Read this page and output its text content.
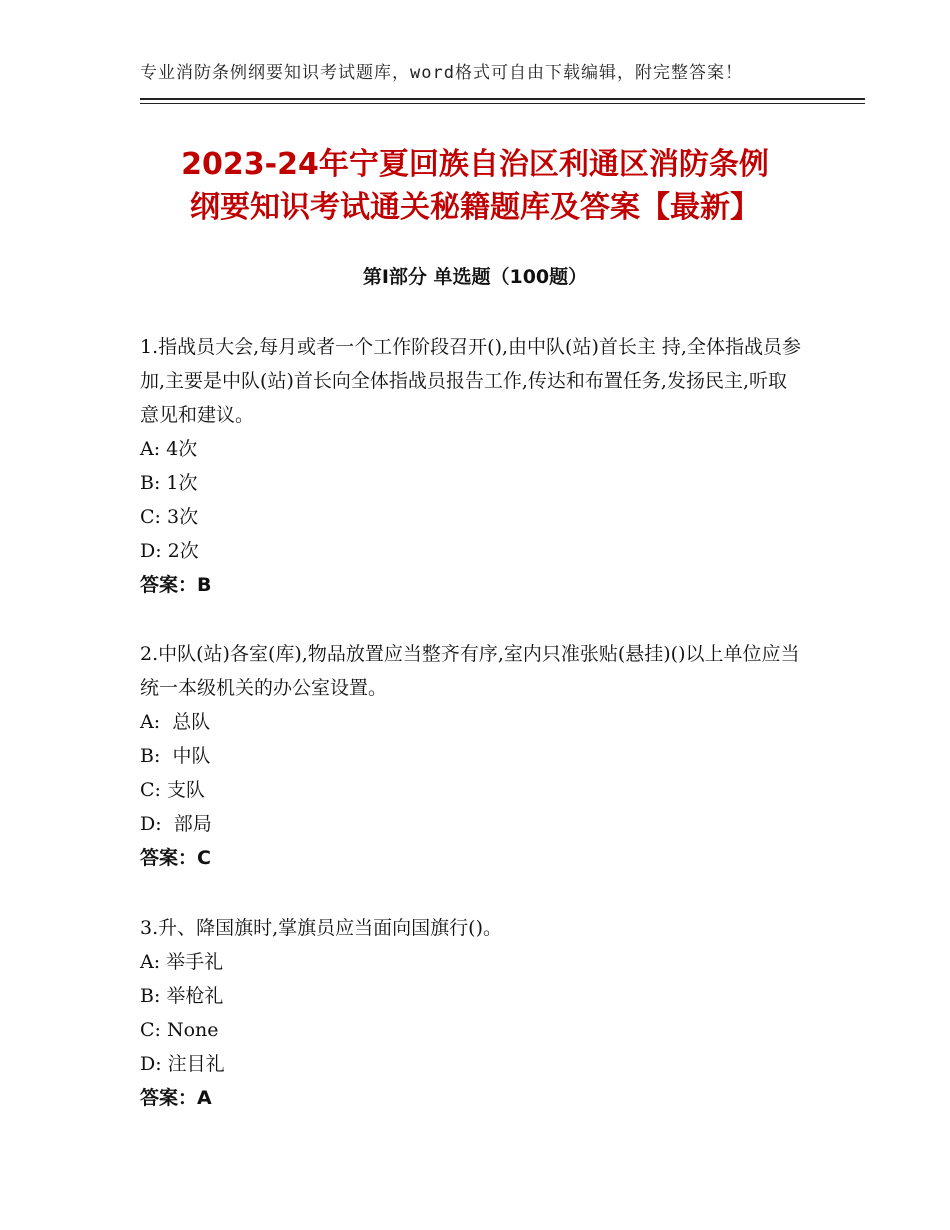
专业消防条例纲要知识考试题库，word格式可自由下载编辑，附完整答案！
2023-24年宁夏回族自治区利通区消防条例
纲要知识考试通关秘籍题库及答案【最新】
第Ⅰ部分 单选题（100题）

1.指战员大会,每月或者一个工作阶段召开(),由中队(站)首长主 持,全体指战员参加,主要是中队(站)首长向全体指战员报告工作,传达和布置任务,发扬民主,听取意见和建议。

A: 4次

B: 1次

C: 3次

D: 2次

答案：B

2.中队(站)各室(库),物品放置应当整齐有序,室内只准张贴(悬挂)()以上单位应当统一本级机关的办公室设置。

A:  总队

B:  中队

C: 支队

D:  部局

答案：C

3.升、降国旗时,掌旗员应当面向国旗行()。

A: 举手礼

B: 举枪礼

C: None

D: 注目礼

答案：A
